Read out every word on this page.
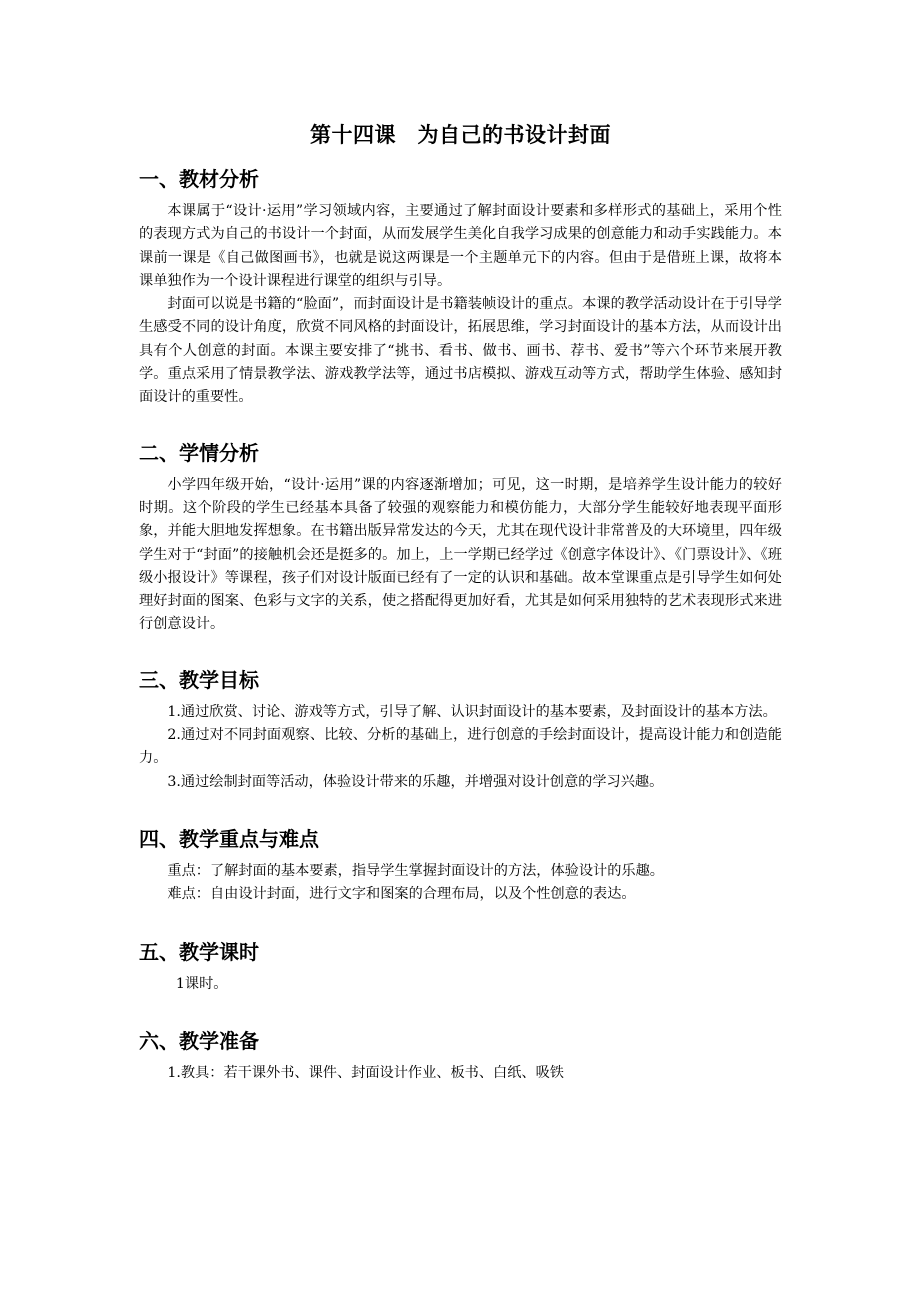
第十四课　为自己的书设计封面
一、教材分析

本课属于“设计·运用”学习领域内容，主要通过了解封面设计要素和多样形式的基础上，采用个性的表现方式为自己的书设计一个封面，从而发展学生美化自我学习成果的创意能力和动手实践能力。本课前一课是《自己做图画书》，也就是说这两课是一个主题单元下的内容。但由于是借班上课，故将本课单独作为一个设计课程进行课堂的组织与引导。

封面可以说是书籍的“脸面”，而封面设计是书籍装帧设计的重点。本课的教学活动设计在于引导学生感受不同的设计角度，欣赏不同风格的封面设计，拓展思维，学习封面设计的基本方法，从而设计出具有个人创意的封面。本课主要安排了“挑书、看书、做书、画书、荐书、爱书”等六个环节来展开教学。重点采用了情景教学法、游戏教学法等，通过书店模拟、游戏互动等方式，帮助学生体验、感知封面设计的重要性。

二、学情分析

小学四年级开始，“设计·运用”课的内容逐渐增加；可见，这一时期，是培养学生设计能力的较好时期。这个阶段的学生已经基本具备了较强的观察能力和模仿能力，大部分学生能较好地表现平面形象，并能大胆地发挥想象。在书籍出版异常发达的今天，尤其在现代设计非常普及的大环境里，四年级学生对于“封面”的接触机会还是挺多的。加上，上一学期已经学过《创意字体设计》、《门票设计》、《班级小报设计》等课程，孩子们对设计版面已经有了一定的认识和基础。故本堂课重点是引导学生如何处理好封面的图案、色彩与文字的关系，使之搭配得更加好看，尤其是如何采用独特的艺术表现形式来进行创意设计。

三、教学目标

1.通过欣赏、讨论、游戏等方式，引导了解、认识封面设计的基本要素，及封面设计的基本方法。

2.通过对不同封面观察、比较、分析的基础上，进行创意的手绘封面设计，提高设计能力和创造能力。

3.通过绘制封面等活动，体验设计带来的乐趣，并增强对设计创意的学习兴趣。

四、教学重点与难点

重点：了解封面的基本要素，指导学生掌握封面设计的方法，体验设计的乐趣。

难点：自由设计封面，进行文字和图案的合理布局，以及个性创意的表达。

五、教学课时

1课时。

六、教学准备

1.教具：若干课外书、课件、封面设计作业、板书、白纸、吸铁
